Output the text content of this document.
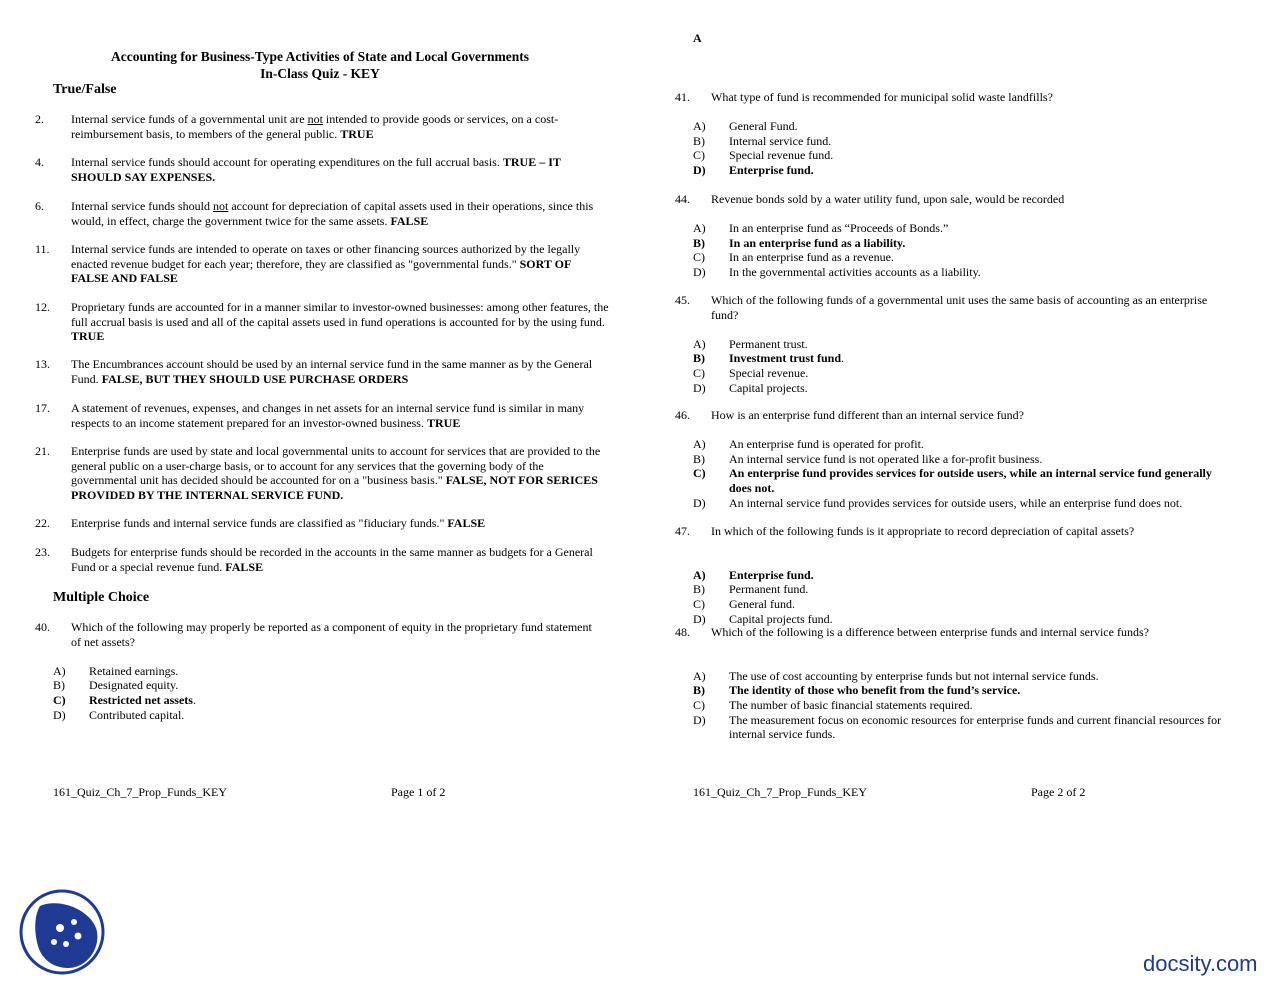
Accounting for Business-Type Activities of State and Local Governments
In-Class Quiz - KEY
True/False
2.Internal service funds of a governmental unit are not intended to provide goods or services, on a cost-reimbursement basis, to members of the general public. TRUE
4.Internal service funds should account for operating expenditures on the full accrual basis. TRUE – IT SHOULD SAY EXPENSES.
6.Internal service funds should not account for depreciation of capital assets used in their operations, since this would, in effect, charge the government twice for the same assets. FALSE
11.Internal service funds are intended to operate on taxes or other financing sources authorized by the legally enacted revenue budget for each year; therefore, they are classified as "governmental funds." SORT OF FALSE AND FALSE
12.Proprietary funds are accounted for in a manner similar to investor-owned businesses: among other features, the full accrual basis is used and all of the capital assets used in fund operations is accounted for by the using fund. TRUE
13.The Encumbrances account should be used by an internal service fund in the same manner as by the General Fund. FALSE, BUT THEY SHOULD USE PURCHASE ORDERS
17.A statement of revenues, expenses, and changes in net assets for an internal service fund is similar in many respects to an income statement prepared for an investor-owned business. TRUE
21.Enterprise funds are used by state and local governmental units to account for services that are provided to the general public on a user-charge basis, or to account for any services that the governing body of the governmental unit has decided should be accounted for on a "business basis." FALSE, NOT FOR SERICES PROVIDED BY THE INTERNAL SERVICE FUND.
22.Enterprise funds and internal service funds are classified as "fiduciary funds." FALSE
23.Budgets for enterprise funds should be recorded in the accounts in the same manner as budgets for a General Fund or a special revenue fund. FALSE
Multiple Choice
40.Which of the following may properly be reported as a component of equity in the proprietary fund statement of net assets?
A)Retained earnings.
B)Designated equity.
C)Restricted net assets.
D)Contributed capital.
161_Quiz_Ch_7_Prop_Funds_KEY	Page 1 of 2
A
41.What type of fund is recommended for municipal solid waste landfills?
A)General Fund.
B)Internal service fund.
C)Special revenue fund.
D)Enterprise fund.
44.Revenue bonds sold by a water utility fund, upon sale, would be recorded
A)In an enterprise fund as “Proceeds of Bonds.”
B)In an enterprise fund as a liability.
C)In an enterprise fund as a revenue.
D)In the governmental activities accounts as a liability.
45.Which of the following funds of a governmental unit uses the same basis of accounting as an enterprise fund?
A)Permanent trust.
B)Investment trust fund.
C)Special revenue.
D)Capital projects.
46.How is an enterprise fund different than an internal service fund?
A)An enterprise fund is operated for profit.
B)An internal service fund is not operated like a for-profit business.
C)An enterprise fund provides services for outside users, while an internal service fund generally does not.
D)An internal service fund provides services for outside users, while an enterprise fund does not.
47.In which of the following funds is it appropriate to record depreciation of capital assets?
A)Enterprise fund.
B)Permanent fund.
C)General fund.
D)Capital projects fund.
48.Which of the following is a difference between enterprise funds and internal service funds?
A)The use of cost accounting by enterprise funds but not internal service funds.
B)The identity of those who benefit from the fund’s service.
C)The number of basic financial statements required.
D)The measurement focus on economic resources for enterprise funds and current financial resources for internal service funds.
161_Quiz_Ch_7_Prop_Funds_KEY	Page 2 of 2
docsity.com
